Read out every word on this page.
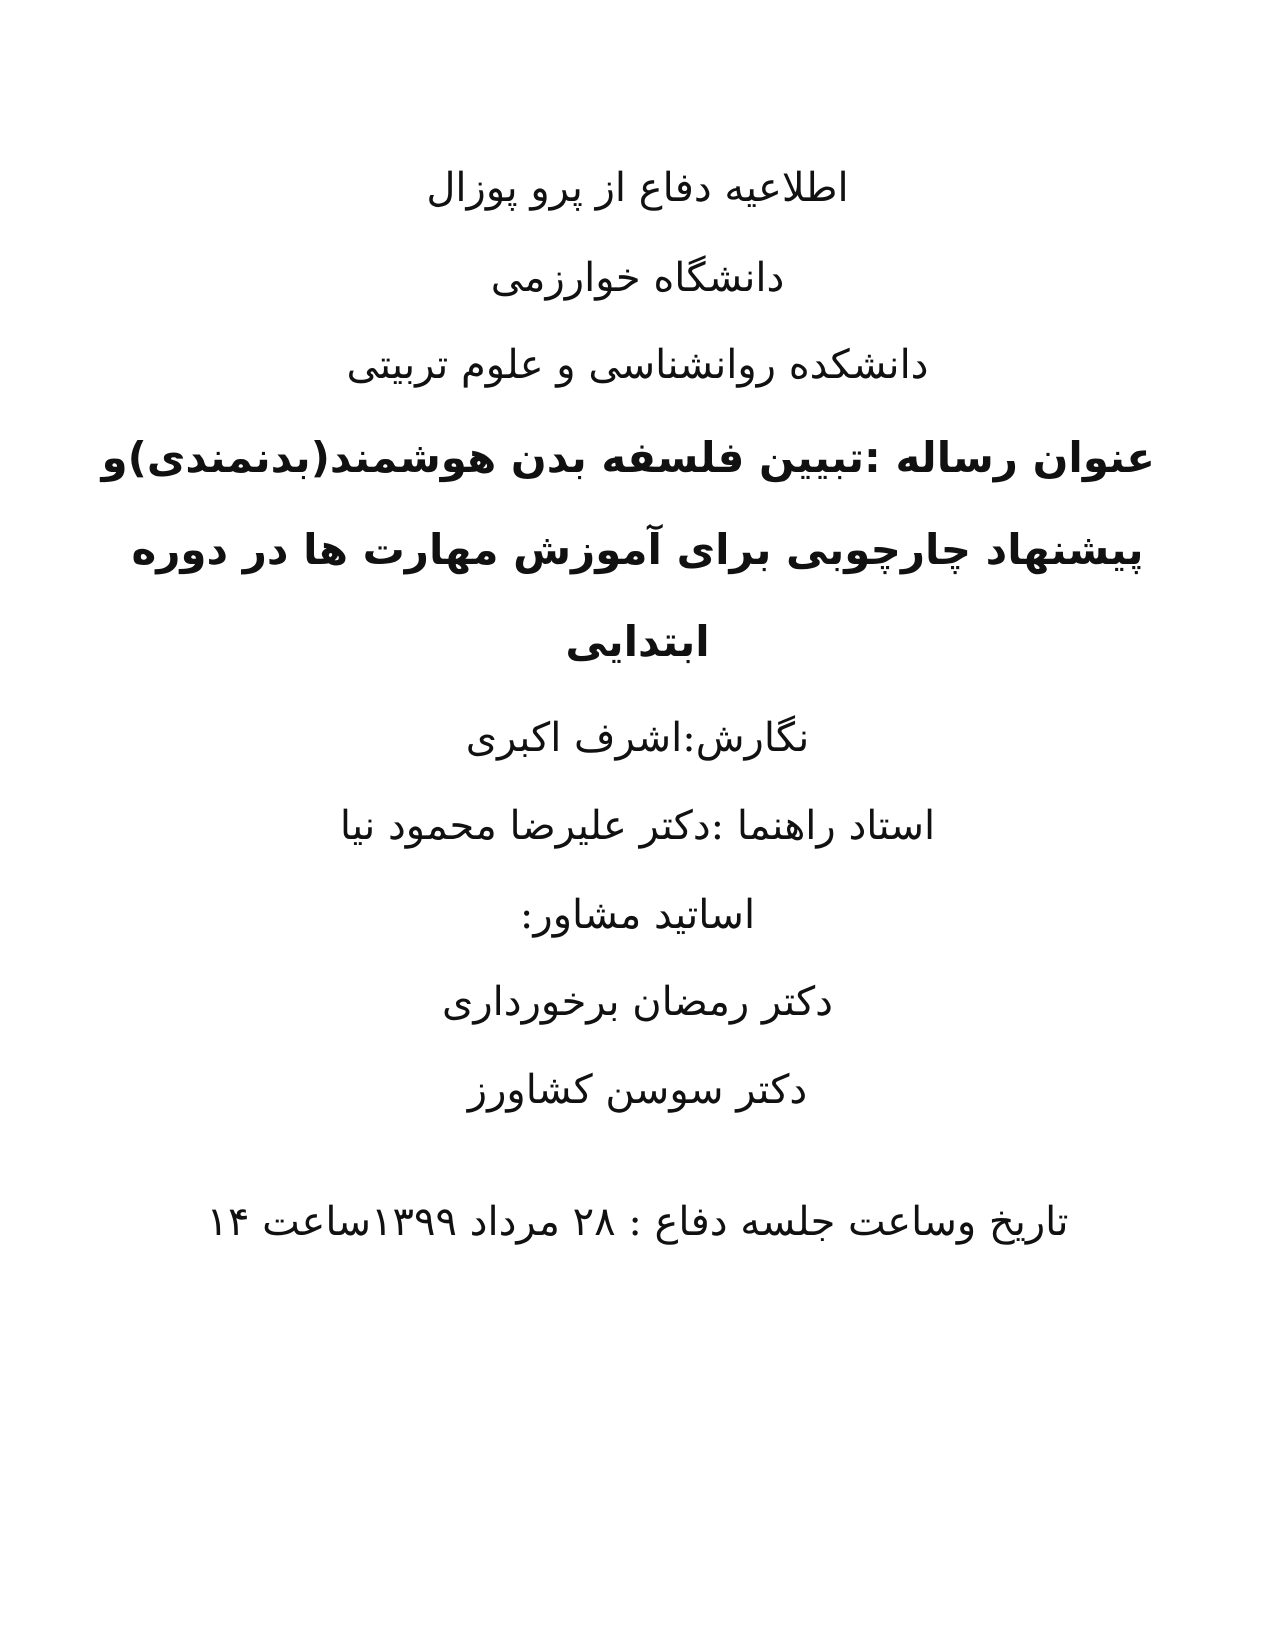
اطلاعیه دفاع از پرو پوزال
دانشگاه خوارزمی
دانشکده روانشناسی و علوم تربیتی
عنوان رساله :تبیین فلسفه بدن هوشمند(بدنمندی)و
پیشنهاد چارچوبی برای آموزش مهارت ها در دوره
ابتدایی
نگارش:اشرف اکبری
استاد راهنما :دکتر علیرضا محمود نیا
اساتید مشاور:
دکتر رمضان برخورداری
دکتر سوسن کشاورز
تاریخ وساعت جلسه دفاع : ۲۸ مرداد ۱۳۹۹ساعت ۱۴
